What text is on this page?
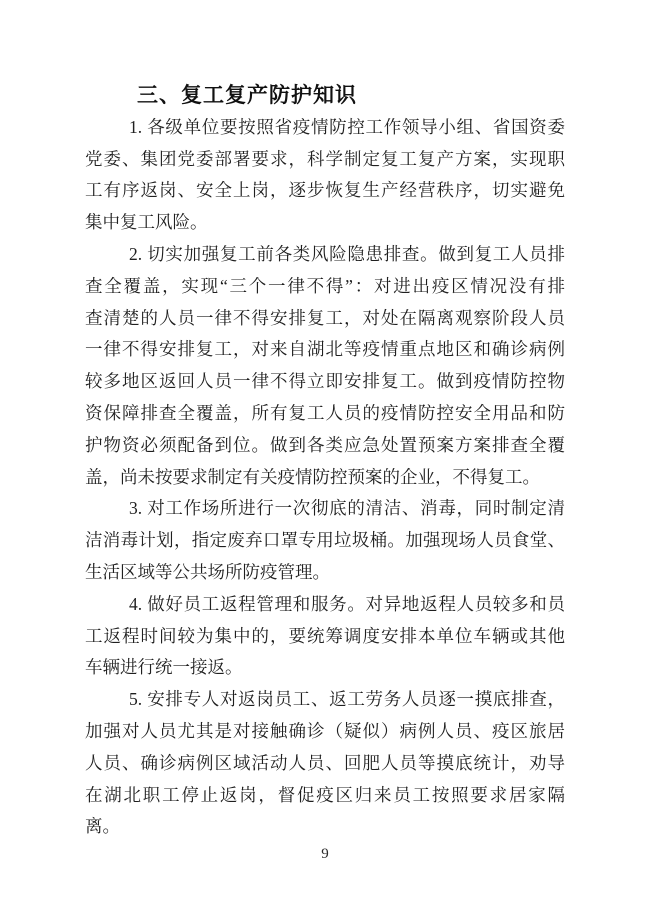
三、复工复产防护知识
1. 各级单位要按照省疫情防控工作领导小组、省国资委
党委、集团党委部署要求，科学制定复工复产方案，实现职
工有序返岗、安全上岗，逐步恢复生产经营秩序，切实避免
集中复工风险。
2. 切实加强复工前各类风险隐患排查。做到复工人员排
查全覆盖，实现“三个一律不得”：对进出疫区情况没有排
查清楚的人员一律不得安排复工，对处在隔离观察阶段人员
一律不得安排复工，对来自湖北等疫情重点地区和确诊病例
较多地区返回人员一律不得立即安排复工。做到疫情防控物
资保障排查全覆盖，所有复工人员的疫情防控安全用品和防
护物资必须配备到位。做到各类应急处置预案方案排查全覆
盖，尚未按要求制定有关疫情防控预案的企业，不得复工。
3. 对工作场所进行一次彻底的清洁、消毒，同时制定清
洁消毒计划，指定废弃口罩专用垃圾桶。加强现场人员食堂、
生活区域等公共场所防疫管理。
4. 做好员工返程管理和服务。对异地返程人员较多和员
工返程时间较为集中的，要统筹调度安排本单位车辆或其他
车辆进行统一接返。
5. 安排专人对返岗员工、返工劳务人员逐一摸底排查，
加强对人员尤其是对接触确诊（疑似）病例人员、疫区旅居
人员、确诊病例区域活动人员、回肥人员等摸底统计，劝导
在湖北职工停止返岗，督促疫区归来员工按照要求居家隔
离。
9
